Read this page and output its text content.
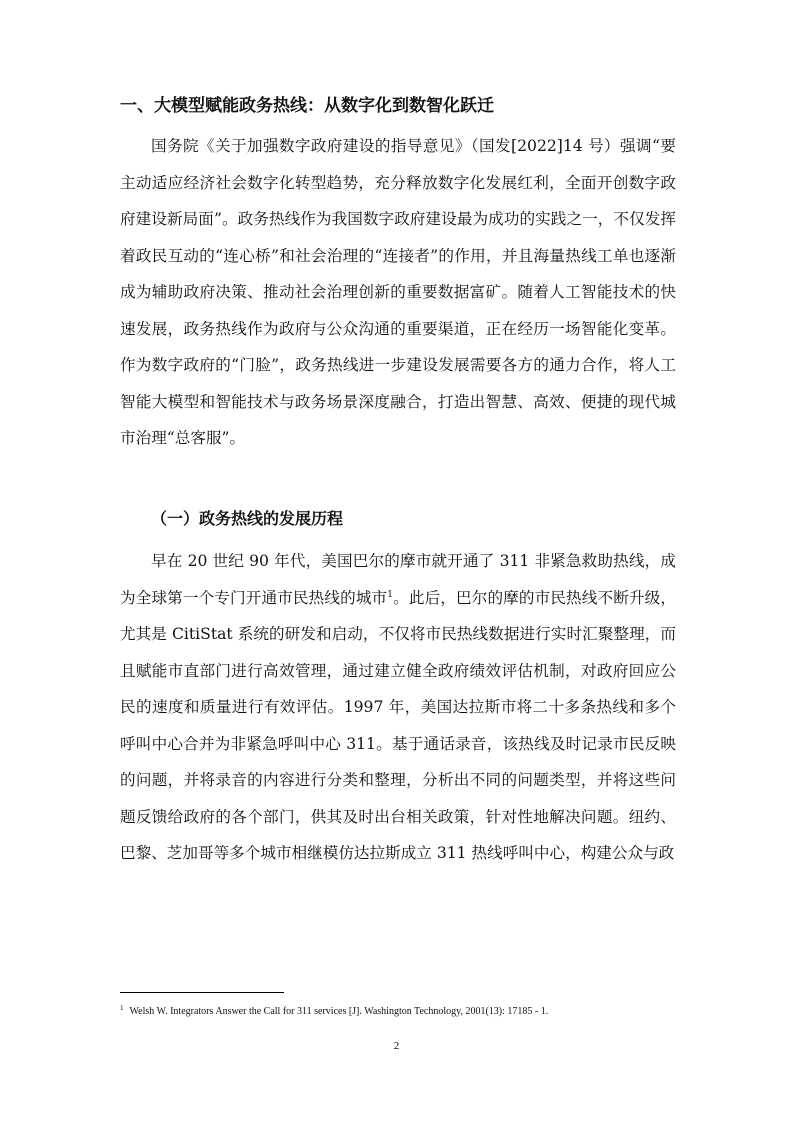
一、大模型赋能政务热线：从数字化到数智化跃迁

国务院《关于加强数字政府建设的指导意见》（国发[2022]14 号）强调“要主动适应经济社会数字化转型趋势，充分释放数字化发展红利，全面开创数字政府建设新局面”。政务热线作为我国数字政府建设最为成功的实践之一，不仅发挥着政民互动的“连心桥”和社会治理的“连接者”的作用，并且海量热线工单也逐渐成为辅助政府决策、推动社会治理创新的重要数据富矿。随着人工智能技术的快速发展，政务热线作为政府与公众沟通的重要渠道，正在经历一场智能化变革。作为数字政府的“门脸”，政务热线进一步建设发展需要各方的通力合作，将人工智能大模型和智能技术与政务场景深度融合，打造出智慧、高效、便捷的现代城市治理“总客服”。

（一）政务热线的发展历程

早在 20 世纪 90 年代，美国巴尔的摩市就开通了 311 非紧急救助热线，成为全球第一个专门开通市民热线的城市$^1$。此后，巴尔的摩的市民热线不断升级，尤其是 CitiStat 系统的研发和启动，不仅将市民热线数据进行实时汇聚整理，而且赋能市直部门进行高效管理，通过建立健全政府绩效评估机制，对政府回应公民的速度和质量进行有效评估。1997 年，美国达拉斯市将二十多条热线和多个呼叫中心合并为非紧急呼叫中心 311。基于通话录音，该热线及时记录市民反映的问题，并将录音的内容进行分类和整理，分析出不同的问题类型，并将这些问题反馈给政府的各个部门，供其及时出台相关政策，针对性地解决问题。纽约、巴黎、芝加哥等多个城市相继模仿达拉斯成立 311 热线呼叫中心，构建公众与政

$^1$ Welsh W. Integrators Answer the Call for 311 services [J]. Washington Technology, 2001(13): 17185 - 1.
2
